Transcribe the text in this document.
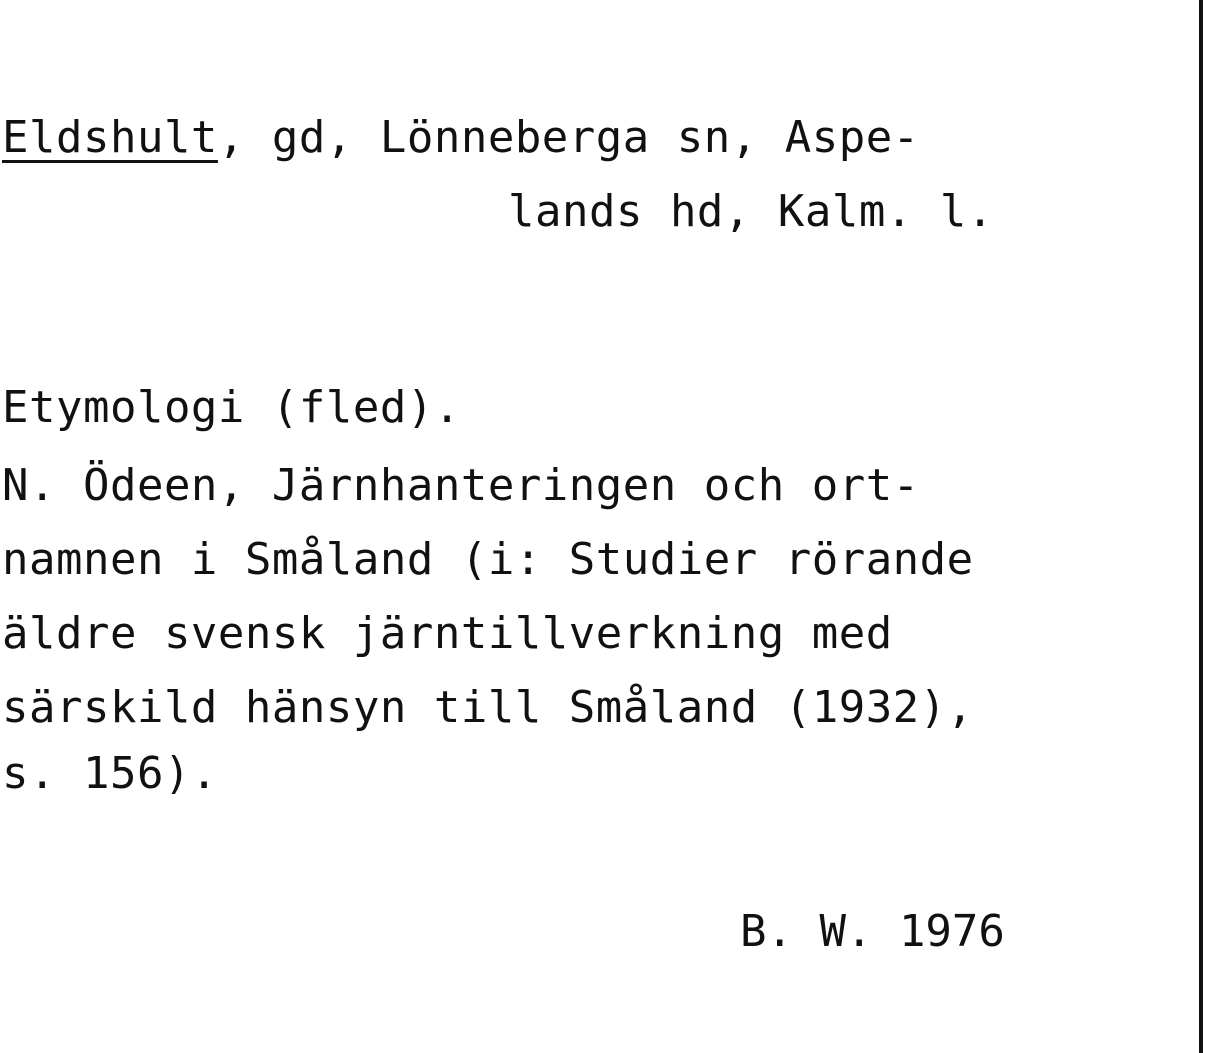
Eldshult, gd, Lönneberga sn, Aspe-
lands hd, Kalm. l.
Etymologi (fled).
N. Ödeen, Järnhanteringen och ort-
namnen i Småland (i: Studier rörande
äldre svensk järntillverkning med
särskild hänsyn till Småland (1932),
s. 156).
B. W. 1976
